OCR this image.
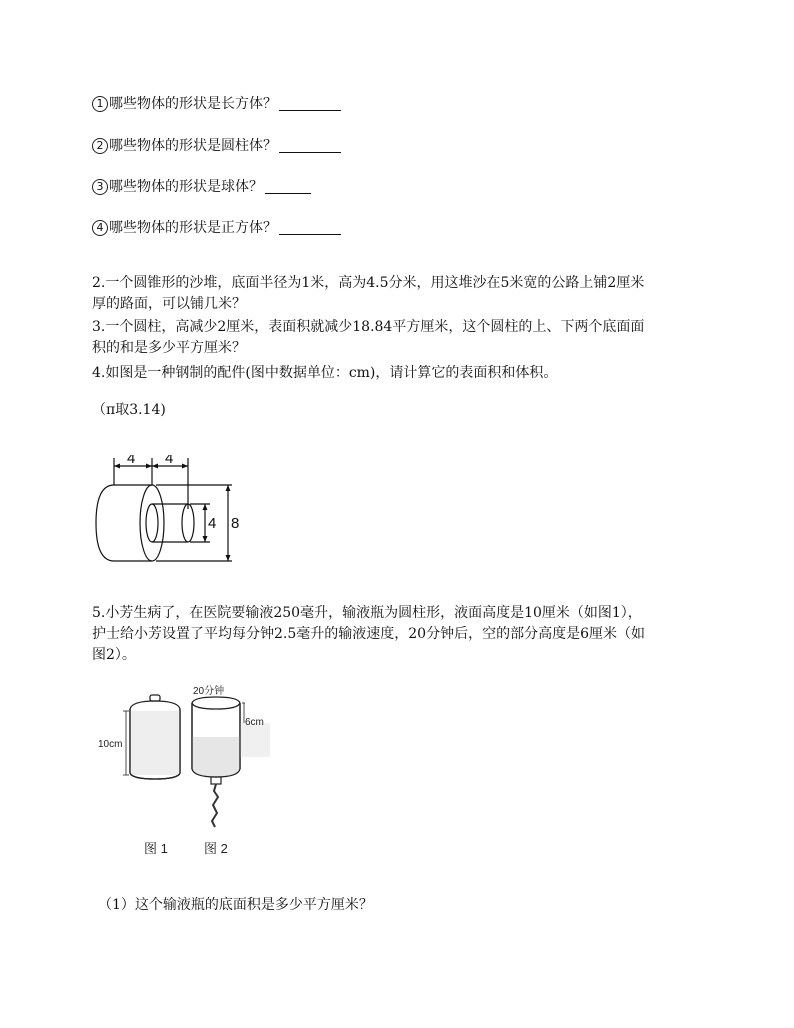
1 哪些物体的形状是长方体？
2 哪些物体的形状是圆柱体？
3 哪些物体的形状是球体？
4 哪些物体的形状是正方体？
2.一个圆锥形的沙堆，底面半径为1米，高为4.5分米，用这堆沙在5米宽的公路上铺2厘米
厚的路面，可以铺几米？
3.一个圆柱，高减少2厘米，表面积就减少18.84平方厘米，这个圆柱的上、下两个底面面
积的和是多少平方厘米？
4.如图是一种钢制的配件(图中数据单位：cm)，请计算它的表面积和体积。
（π取3.14)
4 4
4 8
5.小芳生病了，在医院要输液250毫升，输液瓶为圆柱形，液面高度是10厘米（如图1），
护士给小芳设置了平均每分钟2.5毫升的输液速度，20分钟后，空的部分高度是6厘米（如
图2）。
20分钟
10cm
6cm
图 1	图 2
（1）这个输液瓶的底面积是多少平方厘米？
